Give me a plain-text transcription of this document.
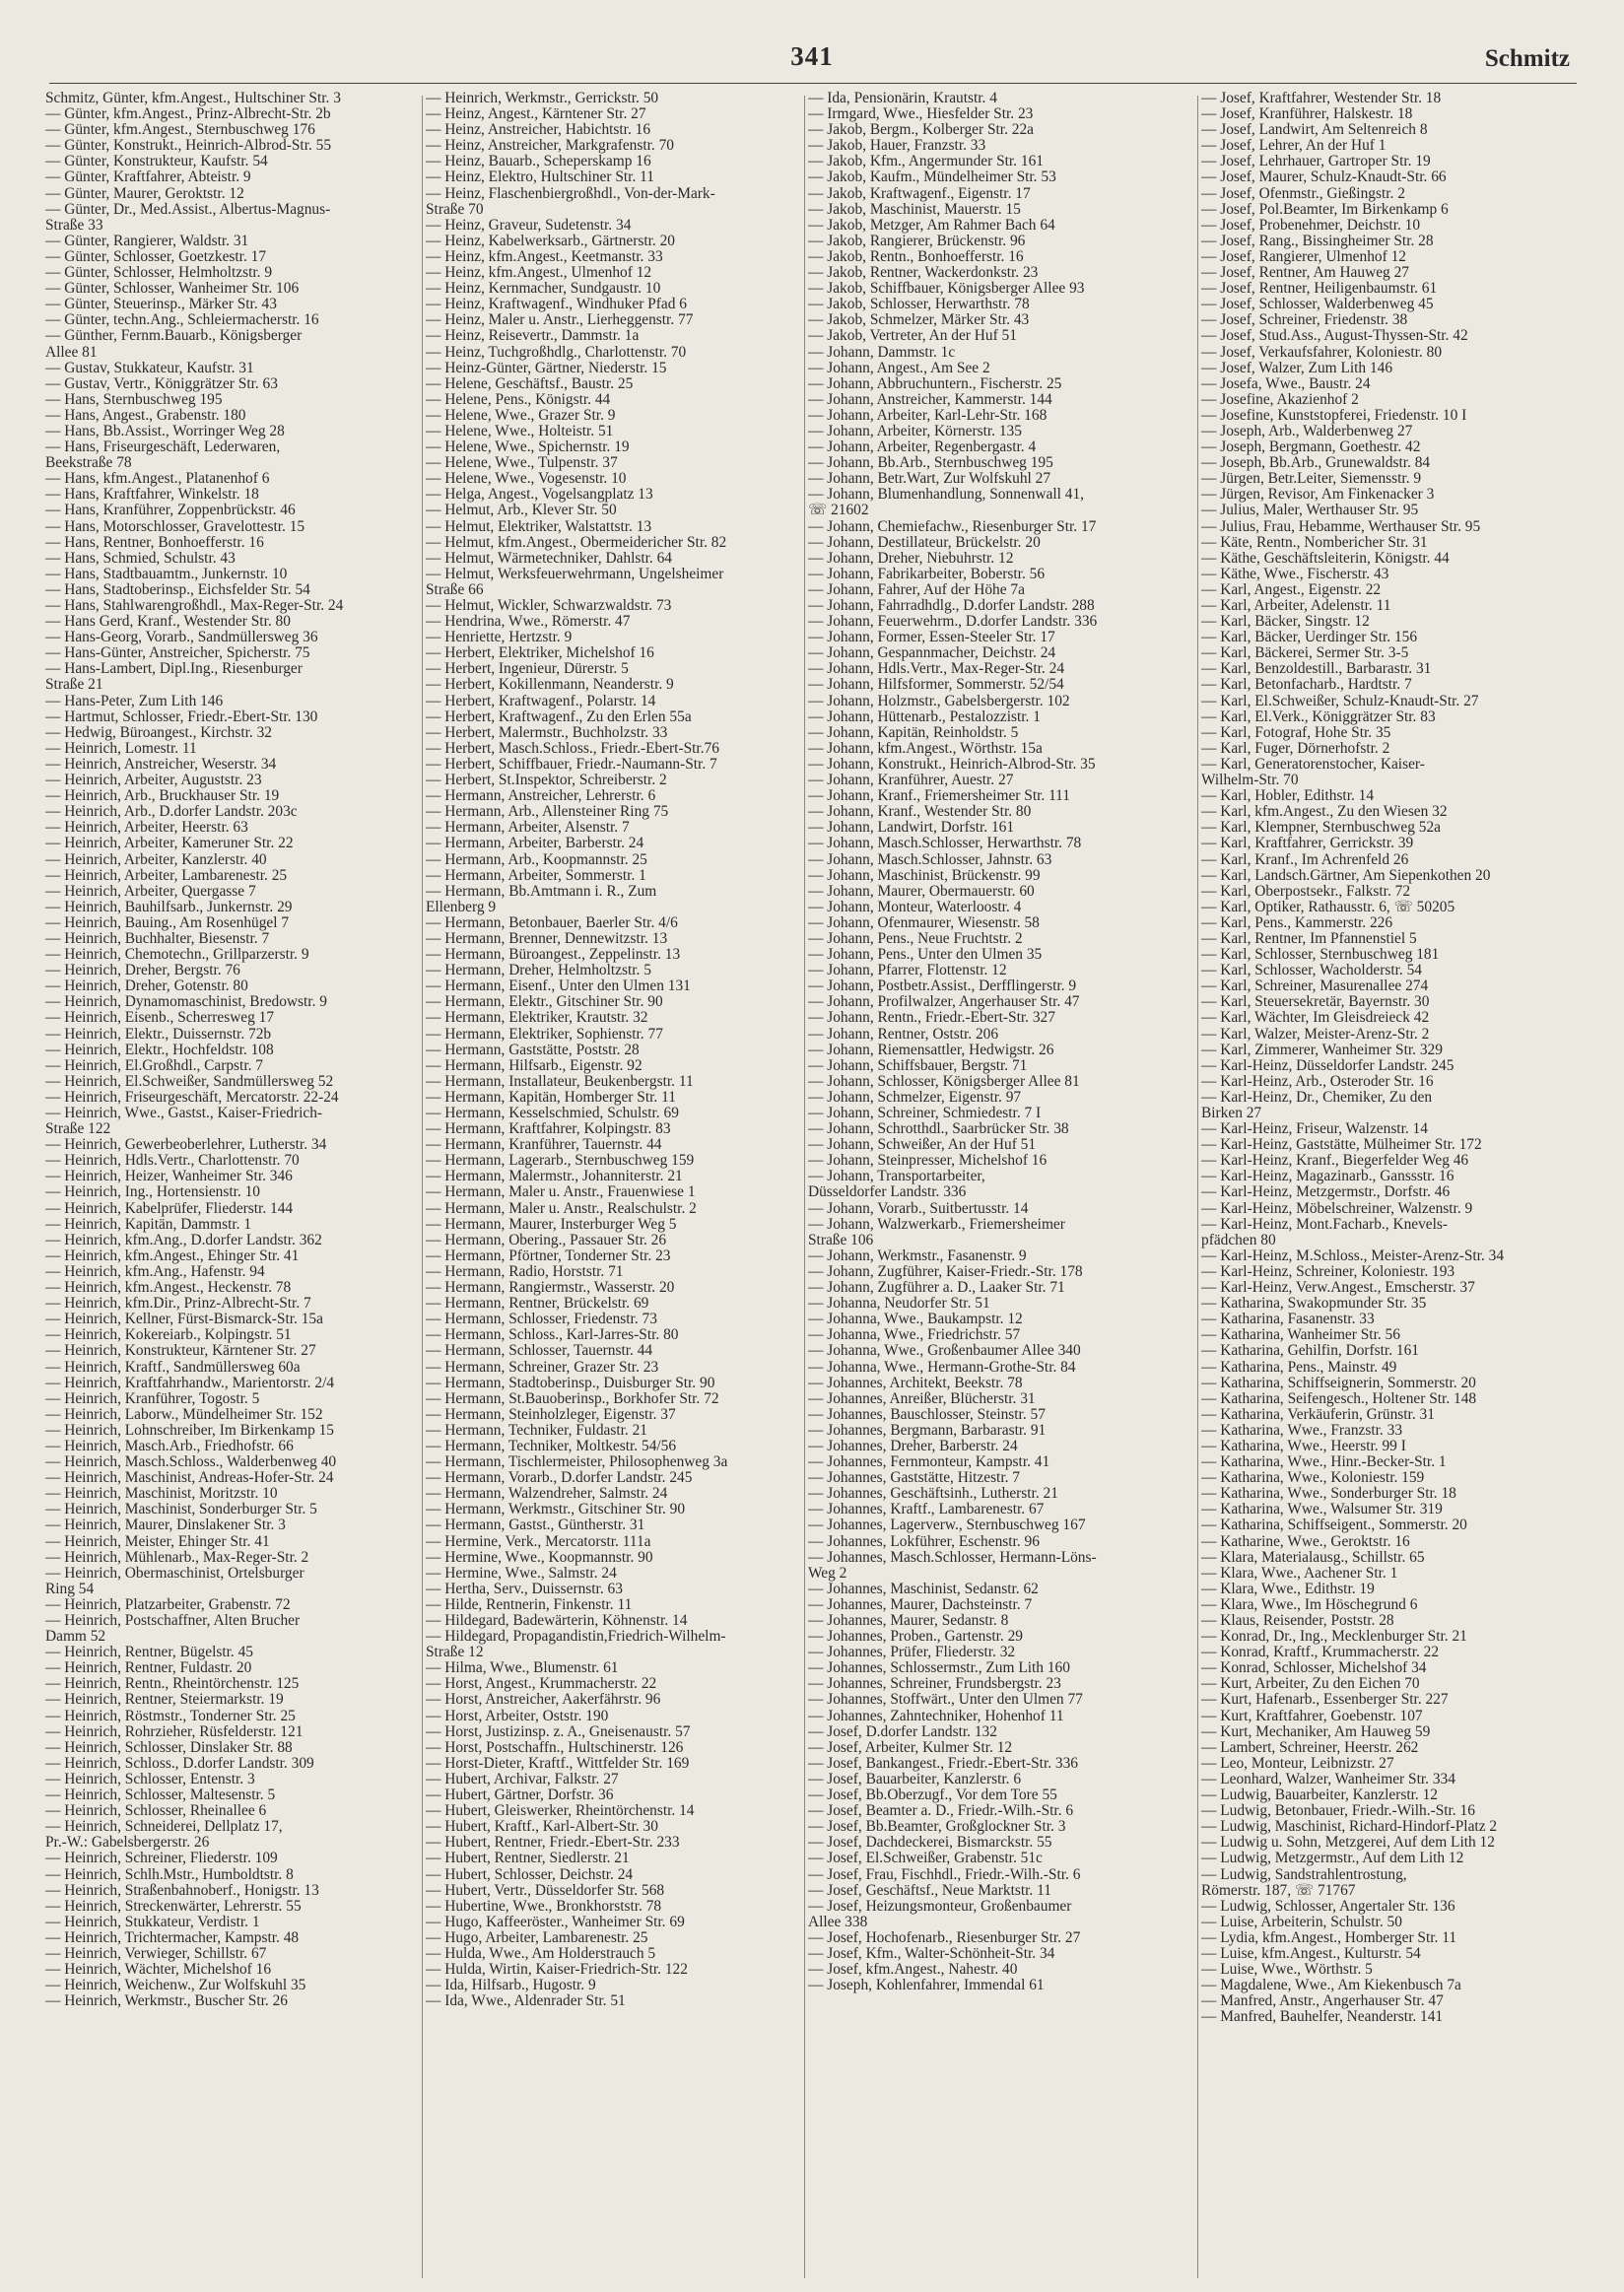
341	Schmitz

Schmitz, Günter, kfm.Angest., Hultschiner Str. 3

— Günter, kfm.Angest., Prinz-Albrecht-Str. 2b

— Günter, kfm.Angest., Sternbuschweg 176

— Günter, Konstrukt., Heinrich-Albrod-Str. 55

— Günter, Konstrukteur, Kaufstr. 54

— Günter, Kraftfahrer, Abteistr. 9

— Günter, Maurer, Geroktstr. 12

— Günter, Dr., Med.Assist., Albertus-Magnus-

Straße 33

— Günter, Rangierer, Waldstr. 31

— Günter, Schlosser, Goetzkestr. 17

— Günter, Schlosser, Helmholtzstr. 9

— Günter, Schlosser, Wanheimer Str. 106

— Günter, Steuerinsp., Märker Str. 43

— Günter, techn.Ang., Schleiermacherstr. 16

— Günther, Fernm.Bauarb., Königsberger

Allee 81

— Gustav, Stukkateur, Kaufstr. 31

— Gustav, Vertr., Königgrätzer Str. 63

— Hans, Sternbuschweg 195

— Hans, Angest., Grabenstr. 180

— Hans, Bb.Assist., Worringer Weg 28

— Hans, Friseurgeschäft, Lederwaren,

Beekstraße 78

— Hans, kfm.Angest., Platanenhof 6

— Hans, Kraftfahrer, Winkelstr. 18

— Hans, Kranführer, Zoppenbrückstr. 46

— Hans, Motorschlosser, Gravelottestr. 15

— Hans, Rentner, Bonhoefferstr. 16

— Hans, Schmied, Schulstr. 43

— Hans, Stadtbauamtm., Junkernstr. 10

— Hans, Stadtoberinsp., Eichsfelder Str. 54

— Hans, Stahlwarengroßhdl., Max-Reger-Str. 24

— Hans Gerd, Kranf., Westender Str. 80

— Hans-Georg, Vorarb., Sandmüllersweg 36

— Hans-Günter, Anstreicher, Spicherstr. 75

— Hans-Lambert, Dipl.Ing., Riesenburger

Straße 21

— Hans-Peter, Zum Lith 146

— Hartmut, Schlosser, Friedr.-Ebert-Str. 130

— Hedwig, Büroangest., Kirchstr. 32

— Heinrich, Lomestr. 11

— Heinrich, Anstreicher, Weserstr. 34

— Heinrich, Arbeiter, Auguststr. 23

— Heinrich, Arb., Bruckhauser Str. 19

— Heinrich, Arb., D.dorfer Landstr. 203c

— Heinrich, Arbeiter, Heerstr. 63

— Heinrich, Arbeiter, Kameruner Str. 22

— Heinrich, Arbeiter, Kanzlerstr. 40

— Heinrich, Arbeiter, Lambarenestr. 25

— Heinrich, Arbeiter, Quergasse 7

— Heinrich, Bauhilfsarb., Junkernstr. 29

— Heinrich, Bauing., Am Rosenhügel 7

— Heinrich, Buchhalter, Biesenstr. 7

— Heinrich, Chemotechn., Grillparzerstr. 9

— Heinrich, Dreher, Bergstr. 76

— Heinrich, Dreher, Gotenstr. 80

— Heinrich, Dynamomaschinist, Bredowstr. 9

— Heinrich, Eisenb., Scherresweg 17

— Heinrich, Elektr., Duissernstr. 72b

— Heinrich, Elektr., Hochfeldstr. 108

— Heinrich, El.Großhdl., Carpstr. 7

— Heinrich, El.Schweißer, Sandmüllersweg 52

— Heinrich, Friseurgeschäft, Mercatorstr. 22-24

— Heinrich, Wwe., Gastst., Kaiser-Friedrich-

Straße 122

— Heinrich, Gewerbeoberlehrer, Lutherstr. 34

— Heinrich, Hdls.Vertr., Charlottenstr. 70

— Heinrich, Heizer, Wanheimer Str. 346

— Heinrich, Ing., Hortensienstr. 10

— Heinrich, Kabelprüfer, Fliederstr. 144

— Heinrich, Kapitän, Dammstr. 1

— Heinrich, kfm.Ang., D.dorfer Landstr. 362

— Heinrich, kfm.Angest., Ehinger Str. 41

— Heinrich, kfm.Ang., Hafenstr. 94

— Heinrich, kfm.Angest., Heckenstr. 78

— Heinrich, kfm.Dir., Prinz-Albrecht-Str. 7

— Heinrich, Kellner, Fürst-Bismarck-Str. 15a

— Heinrich, Kokereiarb., Kolpingstr. 51

— Heinrich, Konstrukteur, Kärntener Str. 27

— Heinrich, Kraftf., Sandmüllersweg 60a

— Heinrich, Kraftfahrhandw., Marientorstr. 2/4

— Heinrich, Kranführer, Togostr. 5

— Heinrich, Laborw., Mündelheimer Str. 152

— Heinrich, Lohnschreiber, Im Birkenkamp 15

— Heinrich, Masch.Arb., Friedhofstr. 66

— Heinrich, Masch.Schloss., Walderbenweg 40

— Heinrich, Maschinist, Andreas-Hofer-Str. 24

— Heinrich, Maschinist, Moritzstr. 10

— Heinrich, Maschinist, Sonderburger Str. 5

— Heinrich, Maurer, Dinslakener Str. 3

— Heinrich, Meister, Ehinger Str. 41

— Heinrich, Mühlenarb., Max-Reger-Str. 2

— Heinrich, Obermaschinist, Ortelsburger

Ring 54

— Heinrich, Platzarbeiter, Grabenstr. 72

— Heinrich, Postschaffner, Alten Brucher

Damm 52

— Heinrich, Rentner, Bügelstr. 45

— Heinrich, Rentner, Fuldastr. 20

— Heinrich, Rentn., Rheintörchenstr. 125

— Heinrich, Rentner, Steiermarkstr. 19

— Heinrich, Röstmstr., Tonderner Str. 25

— Heinrich, Rohrzieher, Rüsfelderstr. 121

— Heinrich, Schlosser, Dinslaker Str. 88

— Heinrich, Schloss., D.dorfer Landstr. 309

— Heinrich, Schlosser, Entenstr. 3

— Heinrich, Schlosser, Maltesenstr. 5

— Heinrich, Schlosser, Rheinallee 6

— Heinrich, Schneiderei, Dellplatz 17,

Pr.-W.: Gabelsbergerstr. 26

— Heinrich, Schreiner, Fliederstr. 109

— Heinrich, Schlh.Mstr., Humboldtstr. 8

— Heinrich, Straßenbahnoberf., Honigstr. 13

— Heinrich, Streckenwärter, Lehrerstr. 55

— Heinrich, Stukkateur, Verdistr. 1

— Heinrich, Trichtermacher, Kampstr. 48

— Heinrich, Verwieger, Schillstr. 67

— Heinrich, Wächter, Michelshof 16

— Heinrich, Weichenw., Zur Wolfskuhl 35

— Heinrich, Werkmstr., Buscher Str. 26

— Heinrich, Werkmstr., Gerrickstr. 50

— Heinz, Angest., Kärntener Str. 27

— Heinz, Anstreicher, Habichtstr. 16

— Heinz, Anstreicher, Markgrafenstr. 70

— Heinz, Bauarb., Scheperskamp 16

— Heinz, Elektro, Hultschiner Str. 11

— Heinz, Flaschenbiergroßhdl., Von-der-Mark-

Straße 70

— Heinz, Graveur, Sudetenstr. 34

— Heinz, Kabelwerksarb., Gärtnerstr. 20

— Heinz, kfm.Angest., Keetmanstr. 33

— Heinz, kfm.Angest., Ulmenhof 12

— Heinz, Kernmacher, Sundgaustr. 10

— Heinz, Kraftwagenf., Windhuker Pfad 6

— Heinz, Maler u. Anstr., Lierheggenstr. 77

— Heinz, Reisevertr., Dammstr. 1a

— Heinz, Tuchgroßhdlg., Charlottenstr. 70

— Heinz-Günter, Gärtner, Niederstr. 15

— Helene, Geschäftsf., Baustr. 25

— Helene, Pens., Königstr. 44

— Helene, Wwe., Grazer Str. 9

— Helene, Wwe., Holteistr. 51

— Helene, Wwe., Spichernstr. 19

— Helene, Wwe., Tulpenstr. 37

— Helene, Wwe., Vogesenstr. 10

— Helga, Angest., Vogelsangplatz 13

— Helmut, Arb., Klever Str. 50

— Helmut, Elektriker, Walstattstr. 13

— Helmut, kfm.Angest., Obermeidericher Str. 82

— Helmut, Wärmetechniker, Dahlstr. 64

— Helmut, Werksfeuerwehrmann, Ungelsheimer

Straße 66

— Helmut, Wickler, Schwarzwaldstr. 73

— Hendrina, Wwe., Römerstr. 47

— Henriette, Hertzstr. 9

— Herbert, Elektriker, Michelshof 16

— Herbert, Ingenieur, Dürerstr. 5

— Herbert, Kokillenmann, Neanderstr. 9

— Herbert, Kraftwagenf., Polarstr. 14

— Herbert, Kraftwagenf., Zu den Erlen 55a

— Herbert, Malermstr., Buchholzstr. 33

— Herbert, Masch.Schloss., Friedr.-Ebert-Str.76

— Herbert, Schiffbauer, Friedr.-Naumann-Str. 7

— Herbert, St.Inspektor, Schreiberstr. 2

— Hermann, Anstreicher, Lehrerstr. 6

— Hermann, Arb., Allensteiner Ring 75

— Hermann, Arbeiter, Alsenstr. 7

— Hermann, Arbeiter, Barberstr. 24

— Hermann, Arb., Koopmannstr. 25

— Hermann, Arbeiter, Sommerstr. 1

— Hermann, Bb.Amtmann i. R., Zum

Ellenberg 9

— Hermann, Betonbauer, Baerler Str. 4/6

— Hermann, Brenner, Dennewitzstr. 13

— Hermann, Büroangest., Zeppelinstr. 13

— Hermann, Dreher, Helmholtzstr. 5

— Hermann, Eisenf., Unter den Ulmen 131

— Hermann, Elektr., Gitschiner Str. 90

— Hermann, Elektriker, Krautstr. 32

— Hermann, Elektriker, Sophienstr. 77

— Hermann, Gaststätte, Poststr. 28

— Hermann, Hilfsarb., Eigenstr. 92

— Hermann, Installateur, Beukenbergstr. 11

— Hermann, Kapitän, Homberger Str. 11

— Hermann, Kesselschmied, Schulstr. 69

— Hermann, Kraftfahrer, Kolpingstr. 83

— Hermann, Kranführer, Tauernstr. 44

— Hermann, Lagerarb., Sternbuschweg 159

— Hermann, Malermstr., Johanniterstr. 21

— Hermann, Maler u. Anstr., Frauenwiese 1

— Hermann, Maler u. Anstr., Realschulstr. 2

— Hermann, Maurer, Insterburger Weg 5

— Hermann, Obering., Passauer Str. 26

— Hermann, Pförtner, Tonderner Str. 23

— Hermann, Radio, Horststr. 71

— Hermann, Rangiermstr., Wasserstr. 20

— Hermann, Rentner, Brückelstr. 69

— Hermann, Schlosser, Friedenstr. 73

— Hermann, Schloss., Karl-Jarres-Str. 80

— Hermann, Schlosser, Tauernstr. 44

— Hermann, Schreiner, Grazer Str. 23

— Hermann, Stadtoberinsp., Duisburger Str. 90

— Hermann, St.Bauoberinsp., Borkhofer Str. 72

— Hermann, Steinholzleger, Eigenstr. 37

— Hermann, Techniker, Fuldastr. 21

— Hermann, Techniker, Moltkestr. 54/56

— Hermann, Tischlermeister, Philosophenweg 3a

— Hermann, Vorarb., D.dorfer Landstr. 245

— Hermann, Walzendreher, Salmstr. 24

— Hermann, Werkmstr., Gitschiner Str. 90

— Hermann, Gastst., Güntherstr. 31

— Hermine, Verk., Mercatorstr. 111a

— Hermine, Wwe., Koopmannstr. 90

— Hermine, Wwe., Salmstr. 24

— Hertha, Serv., Duissernstr. 63

— Hilde, Rentnerin, Finkenstr. 11

— Hildegard, Badewärterin, Köhnenstr. 14

— Hildegard, Propagandistin,Friedrich-Wilhelm-

Straße 12

— Hilma, Wwe., Blumenstr. 61

— Horst, Angest., Krummacherstr. 22

— Horst, Anstreicher, Aakerfährstr. 96

— Horst, Arbeiter, Oststr. 190

— Horst, Justizinsp. z. A., Gneisenaustr. 57

— Horst, Postschaffn., Hultschinerstr. 126

— Horst-Dieter, Kraftf., Wittfelder Str. 169

— Hubert, Archivar, Falkstr. 27

— Hubert, Gärtner, Dorfstr. 36

— Hubert, Gleiswerker, Rheintörchenstr. 14

— Hubert, Kraftf., Karl-Albert-Str. 30

— Hubert, Rentner, Friedr.-Ebert-Str. 233

— Hubert, Rentner, Siedlerstr. 21

— Hubert, Schlosser, Deichstr. 24

— Hubert, Vertr., Düsseldorfer Str. 568

— Hubertine, Wwe., Bronkhorststr. 78

— Hugo, Kaffeeröster., Wanheimer Str. 69

— Hugo, Arbeiter, Lambarenestr. 25

— Hulda, Wwe., Am Holderstrauch 5

— Hulda, Wirtin, Kaiser-Friedrich-Str. 122

— Ida, Hilfsarb., Hugostr. 9

— Ida, Wwe., Aldenrader Str. 51

— Ida, Pensionärin, Krautstr. 4

— Irmgard, Wwe., Hiesfelder Str. 23

— Jakob, Bergm., Kolberger Str. 22a

— Jakob, Hauer, Franzstr. 33

— Jakob, Kfm., Angermunder Str. 161

— Jakob, Kaufm., Mündelheimer Str. 53

— Jakob, Kraftwagenf., Eigenstr. 17

— Jakob, Maschinist, Mauerstr. 15

— Jakob, Metzger, Am Rahmer Bach 64

— Jakob, Rangierer, Brückenstr. 96

— Jakob, Rentn., Bonhoefferstr. 16

— Jakob, Rentner, Wackerdonkstr. 23

— Jakob, Schiffbauer, Königsberger Allee 93

— Jakob, Schlosser, Herwarthstr. 78

— Jakob, Schmelzer, Märker Str. 43

— Jakob, Vertreter, An der Huf 51

— Johann, Dammstr. 1c

— Johann, Angest., Am See 2

— Johann, Abbruchuntern., Fischerstr. 25

— Johann, Anstreicher, Kammerstr. 144

— Johann, Arbeiter, Karl-Lehr-Str. 168

— Johann, Arbeiter, Körnerstr. 135

— Johann, Arbeiter, Regenbergastr. 4

— Johann, Bb.Arb., Sternbuschweg 195

— Johann, Betr.Wart, Zur Wolfskuhl 27

— Johann, Blumenhandlung, Sonnenwall 41,

☏ 21602

— Johann, Chemiefachw., Riesenburger Str. 17

— Johann, Destillateur, Brückelstr. 20

— Johann, Dreher, Niebuhrstr. 12

— Johann, Fabrikarbeiter, Boberstr. 56

— Johann, Fahrer, Auf der Höhe 7a

— Johann, Fahrradhdlg., D.dorfer Landstr. 288

— Johann, Feuerwehrm., D.dorfer Landstr. 336

— Johann, Former, Essen-Steeler Str. 17

— Johann, Gespannmacher, Deichstr. 24

— Johann, Hdls.Vertr., Max-Reger-Str. 24

— Johann, Hilfsformer, Sommerstr. 52/54

— Johann, Holzmstr., Gabelsbergerstr. 102

— Johann, Hüttenarb., Pestalozzistr. 1

— Johann, Kapitän, Reinholdstr. 5

— Johann, kfm.Angest., Wörthstr. 15a

— Johann, Konstrukt., Heinrich-Albrod-Str. 35

— Johann, Kranführer, Auestr. 27

— Johann, Kranf., Friemersheimer Str. 111

— Johann, Kranf., Westender Str. 80

— Johann, Landwirt, Dorfstr. 161

— Johann, Masch.Schlosser, Herwarthstr. 78

— Johann, Masch.Schlosser, Jahnstr. 63

— Johann, Maschinist, Brückenstr. 99

— Johann, Maurer, Obermauerstr. 60

— Johann, Monteur, Waterloostr. 4

— Johann, Ofenmaurer, Wiesenstr. 58

— Johann, Pens., Neue Fruchtstr. 2

— Johann, Pens., Unter den Ulmen 35

— Johann, Pfarrer, Flottenstr. 12

— Johann, Postbetr.Assist., Derfflingerstr. 9

— Johann, Profilwalzer, Angerhauser Str. 47

— Johann, Rentn., Friedr.-Ebert-Str. 327

— Johann, Rentner, Oststr. 206

— Johann, Riemensattler, Hedwigstr. 26

— Johann, Schiffsbauer, Bergstr. 71

— Johann, Schlosser, Königsberger Allee 81

— Johann, Schmelzer, Eigenstr. 97

— Johann, Schreiner, Schmiedestr. 7 I

— Johann, Schrotthdl., Saarbrücker Str. 38

— Johann, Schweißer, An der Huf 51

— Johann, Steinpresser, Michelshof 16

— Johann, Transportarbeiter,

Düsseldorfer Landstr. 336

— Johann, Vorarb., Suitbertusstr. 14

— Johann, Walzwerkarb., Friemersheimer

Straße 106

— Johann, Werkmstr., Fasanenstr. 9

— Johann, Zugführer, Kaiser-Friedr.-Str. 178

— Johann, Zugführer a. D., Laaker Str. 71

— Johanna, Neudorfer Str. 51

— Johanna, Wwe., Baukampstr. 12

— Johanna, Wwe., Friedrichstr. 57

— Johanna, Wwe., Großenbaumer Allee 340

— Johanna, Wwe., Hermann-Grothe-Str. 84

— Johannes, Architekt, Beekstr. 78

— Johannes, Anreißer, Blücherstr. 31

— Johannes, Bauschlosser, Steinstr. 57

— Johannes, Bergmann, Barbarastr. 91

— Johannes, Dreher, Barberstr. 24

— Johannes, Fernmonteur, Kampstr. 41

— Johannes, Gaststätte, Hitzestr. 7

— Johannes, Geschäftsinh., Lutherstr. 21

— Johannes, Kraftf., Lambarenestr. 67

— Johannes, Lagerverw., Sternbuschweg 167

— Johannes, Lokführer, Eschenstr. 96

— Johannes, Masch.Schlosser, Hermann-Löns-

Weg 2

— Johannes, Maschinist, Sedanstr. 62

— Johannes, Maurer, Dachsteinstr. 7

— Johannes, Maurer, Sedanstr. 8

— Johannes, Proben., Gartenstr. 29

— Johannes, Prüfer, Fliederstr. 32

— Johannes, Schlossermstr., Zum Lith 160

— Johannes, Schreiner, Frundsbergstr. 23

— Johannes, Stoffwärt., Unter den Ulmen 77

— Johannes, Zahntechniker, Hohenhof 11

— Josef, D.dorfer Landstr. 132

— Josef, Arbeiter, Kulmer Str. 12

— Josef, Bankangest., Friedr.-Ebert-Str. 336

— Josef, Bauarbeiter, Kanzlerstr. 6

— Josef, Bb.Oberzugf., Vor dem Tore 55

— Josef, Beamter a. D., Friedr.-Wilh.-Str. 6

— Josef, Bb.Beamter, Großglockner Str. 3

— Josef, Dachdeckerei, Bismarckstr. 55

— Josef, El.Schweißer, Grabenstr. 51c

— Josef, Frau, Fischhdl., Friedr.-Wilh.-Str. 6

— Josef, Geschäftsf., Neue Marktstr. 11

— Josef, Heizungsmonteur, Großenbaumer

Allee 338

— Josef, Hochofenarb., Riesenburger Str. 27

— Josef, Kfm., Walter-Schönheit-Str. 34

— Josef, kfm.Angest., Nahestr. 40

— Joseph, Kohlenfahrer, Immendal 61

— Josef, Kraftfahrer, Westender Str. 18

— Josef, Kranführer, Halskestr. 18

— Josef, Landwirt, Am Seltenreich 8

— Josef, Lehrer, An der Huf 1

— Josef, Lehrhauer, Gartroper Str. 19

— Josef, Maurer, Schulz-Knaudt-Str. 66

— Josef, Ofenmstr., Gießingstr. 2

— Josef, Pol.Beamter, Im Birkenkamp 6

— Josef, Probenehmer, Deichstr. 10

— Josef, Rang., Bissingheimer Str. 28

— Josef, Rangierer, Ulmenhof 12

— Josef, Rentner, Am Hauweg 27

— Josef, Rentner, Heiligenbaumstr. 61

— Josef, Schlosser, Walderbenweg 45

— Josef, Schreiner, Friedenstr. 38

— Josef, Stud.Ass., August-Thyssen-Str. 42

— Josef, Verkaufsfahrer, Koloniestr. 80

— Josef, Walzer, Zum Lith 146

— Josefa, Wwe., Baustr. 24

— Josefine, Akazienhof 2

— Josefine, Kunststopferei, Friedenstr. 10 I

— Joseph, Arb., Walderbenweg 27

— Joseph, Bergmann, Goethestr. 42

— Joseph, Bb.Arb., Grunewaldstr. 84

— Jürgen, Betr.Leiter, Siemensstr. 9

— Jürgen, Revisor, Am Finkenacker 3

— Julius, Maler, Werthauser Str. 95

— Julius, Frau, Hebamme, Werthauser Str. 95

— Käte, Rentn., Nombericher Str. 31

— Käthe, Geschäftsleiterin, Königstr. 44

— Käthe, Wwe., Fischerstr. 43

— Karl, Angest., Eigenstr. 22

— Karl, Arbeiter, Adelenstr. 11

— Karl, Bäcker, Singstr. 12

— Karl, Bäcker, Uerdinger Str. 156

— Karl, Bäckerei, Sermer Str. 3-5

— Karl, Benzoldestill., Barbarastr. 31

— Karl, Betonfacharb., Hardtstr. 7

— Karl, El.Schweißer, Schulz-Knaudt-Str. 27

— Karl, El.Verk., Königgrätzer Str. 83

— Karl, Fotograf, Hohe Str. 35

— Karl, Fuger, Dörnerhofstr. 2

— Karl, Generatorenstocher, Kaiser-

Wilhelm-Str. 70

— Karl, Hobler, Edithstr. 14

— Karl, kfm.Angest., Zu den Wiesen 32

— Karl, Klempner, Sternbuschweg 52a

— Karl, Kraftfahrer, Gerrickstr. 39

— Karl, Kranf., Im Achrenfeld 26

— Karl, Landsch.Gärtner, Am Siepenkothen 20

— Karl, Oberpostsekr., Falkstr. 72

— Karl, Optiker, Rathausstr. 6, ☏ 50205

— Karl, Pens., Kammerstr. 226

— Karl, Rentner, Im Pfannenstiel 5

— Karl, Schlosser, Sternbuschweg 181

— Karl, Schlosser, Wacholderstr. 54

— Karl, Schreiner, Masurenallee 274

— Karl, Steuersekretär, Bayernstr. 30

— Karl, Wächter, Im Gleisdreieck 42

— Karl, Walzer, Meister-Arenz-Str. 2

— Karl, Zimmerer, Wanheimer Str. 329

— Karl-Heinz, Düsseldorfer Landstr. 245

— Karl-Heinz, Arb., Osteroder Str. 16

— Karl-Heinz, Dr., Chemiker, Zu den

Birken 27

— Karl-Heinz, Friseur, Walzenstr. 14

— Karl-Heinz, Gaststätte, Mülheimer Str. 172

— Karl-Heinz, Kranf., Biegerfelder Weg 46

— Karl-Heinz, Magazinarb., Ganssstr. 16

— Karl-Heinz, Metzgermstr., Dorfstr. 46

— Karl-Heinz, Möbelschreiner, Walzenstr. 9

— Karl-Heinz, Mont.Facharb., Knevels-

pfädchen 80

— Karl-Heinz, M.Schloss., Meister-Arenz-Str. 34

— Karl-Heinz, Schreiner, Koloniestr. 193

— Karl-Heinz, Verw.Angest., Emscherstr. 37

— Katharina, Swakopmunder Str. 35

— Katharina, Fasanenstr. 33

— Katharina, Wanheimer Str. 56

— Katharina, Gehilfin, Dorfstr. 161

— Katharina, Pens., Mainstr. 49

— Katharina, Schiffseignerin, Sommerstr. 20

— Katharina, Seifengesch., Holtener Str. 148

— Katharina, Verkäuferin, Grünstr. 31

— Katharina, Wwe., Franzstr. 33

— Katharina, Wwe., Heerstr. 99 I

— Katharina, Wwe., Hinr.-Becker-Str. 1

— Katharina, Wwe., Koloniestr. 159

— Katharina, Wwe., Sonderburger Str. 18

— Katharina, Wwe., Walsumer Str. 319

— Katharina, Schiffseigent., Sommerstr. 20

— Katharine, Wwe., Geroktstr. 16

— Klara, Materialausg., Schillstr. 65

— Klara, Wwe., Aachener Str. 1

— Klara, Wwe., Edithstr. 19

— Klara, Wwe., Im Höschegrund 6

— Klaus, Reisender, Poststr. 28

— Konrad, Dr., Ing., Mecklenburger Str. 21

— Konrad, Kraftf., Krummacherstr. 22

— Konrad, Schlosser, Michelshof 34

— Kurt, Arbeiter, Zu den Eichen 70

— Kurt, Hafenarb., Essenberger Str. 227

— Kurt, Kraftfahrer, Goebenstr. 107

— Kurt, Mechaniker, Am Hauweg 59

— Lambert, Schreiner, Heerstr. 262

— Leo, Monteur, Leibnizstr. 27

— Leonhard, Walzer, Wanheimer Str. 334

— Ludwig, Bauarbeiter, Kanzlerstr. 12

— Ludwig, Betonbauer, Friedr.-Wilh.-Str. 16

— Ludwig, Maschinist, Richard-Hindorf-Platz 2

— Ludwig u. Sohn, Metzgerei, Auf dem Lith 12

— Ludwig, Metzgermstr., Auf dem Lith 12

— Ludwig, Sandstrahlentrostung,

Römerstr. 187, ☏ 71767

— Ludwig, Schlosser, Angertaler Str. 136

— Luise, Arbeiterin, Schulstr. 50

— Lydia, kfm.Angest., Homberger Str. 11

— Luise, kfm.Angest., Kulturstr. 54

— Luise, Wwe., Wörthstr. 5

— Magdalene, Wwe., Am Kiekenbusch 7a

— Manfred, Anstr., Angerhauser Str. 47

— Manfred, Bauhelfer, Neanderstr. 141
